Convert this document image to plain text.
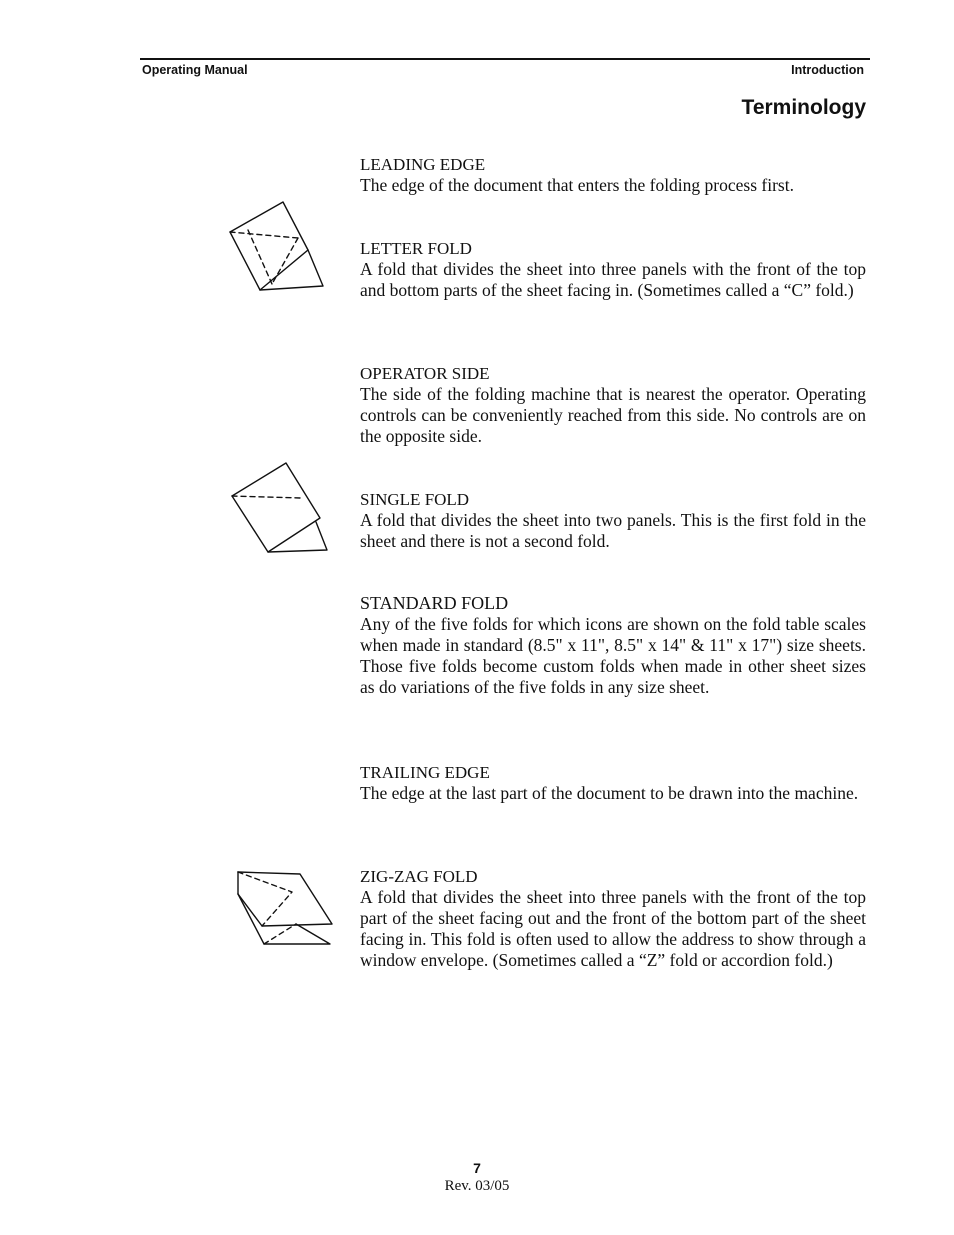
Operating Manual	Introduction
Terminology
LEADING EDGE
The edge of the document that enters the folding process first.
LETTER FOLD
A fold that divides the sheet into three panels with the front of the top and bottom parts of the sheet facing in. (Sometimes called a “C” fold.)
OPERATOR SIDE
The side of the folding machine that is nearest the operator. Operating controls can be conveniently reached from this side. No controls are on the opposite side.
SINGLE FOLD
A fold that divides the sheet into two panels. This is the first fold in the sheet and there is not a second fold.
STANDARD FOLD
Any of the five folds for which icons are shown on the fold table scales when made in standard (8.5" x 11", 8.5" x 14" & 11" x 17") size sheets. Those five folds become custom folds when made in other sheet sizes as do variations of the five folds in any size sheet.
TRAILING EDGE
The edge at the last part of the document to be drawn into the machine.
ZIG-ZAG FOLD
A fold that divides the sheet into three panels with the front of the top part of the sheet facing out and the front of the bottom part of the sheet facing in. This fold is often used to allow the address to show through a window envelope. (Sometimes called a “Z” fold or accordion fold.)
7
Rev. 03/05
